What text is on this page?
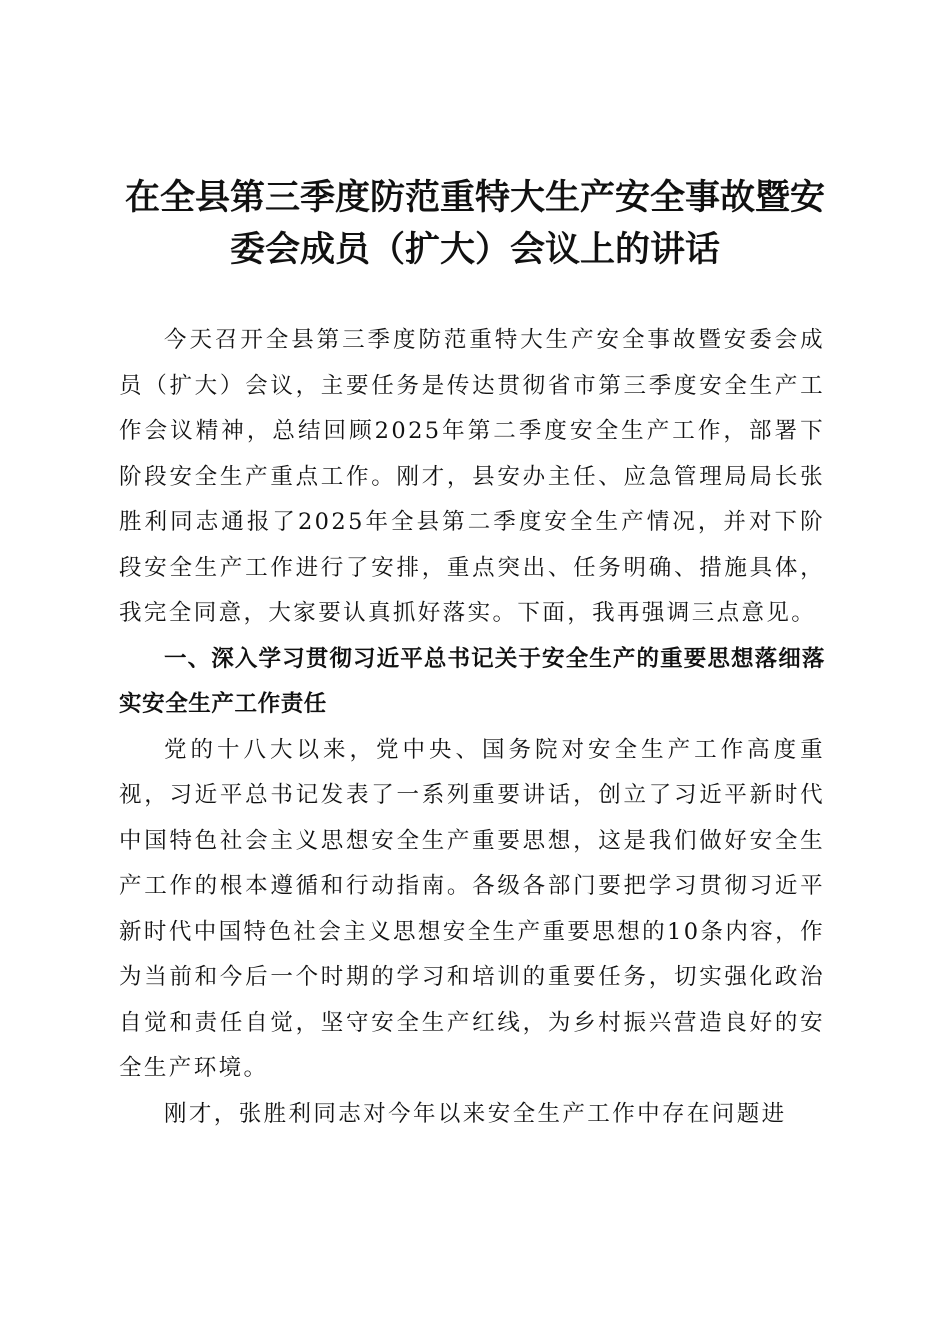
在全县第三季度防范重特大生产安全事故暨安
委会成员（扩大）会议上的讲话

今天召开全县第三季度防范重特大生产安全事故暨安委会成员（扩大）会议，主要任务是传达贯彻省市第三季度安全生产工作会议精神，总结回顾2025年第二季度安全生产工作，部署下阶段安全生产重点工作。刚才，县安办主任、应急管理局局长张胜利同志通报了2025年全县第二季度安全生产情况，并对下阶段安全生产工作进行了安排，重点突出、任务明确、措施具体，我完全同意，大家要认真抓好落实。下面，我再强调三点意见。

一、深入学习贯彻习近平总书记关于安全生产的重要思想落细落实安全生产工作责任

党的十八大以来，党中央、国务院对安全生产工作高度重视，习近平总书记发表了一系列重要讲话，创立了习近平新时代中国特色社会主义思想安全生产重要思想，这是我们做好安全生产工作的根本遵循和行动指南。各级各部门要把学习贯彻习近平新时代中国特色社会主义思想安全生产重要思想的10条内容，作为当前和今后一个时期的学习和培训的重要任务，切实强化政治自觉和责任自觉，坚守安全生产红线，为乡村振兴营造良好的安全生产环境。

刚才，张胜利同志对今年以来安全生产工作中存在问题进
